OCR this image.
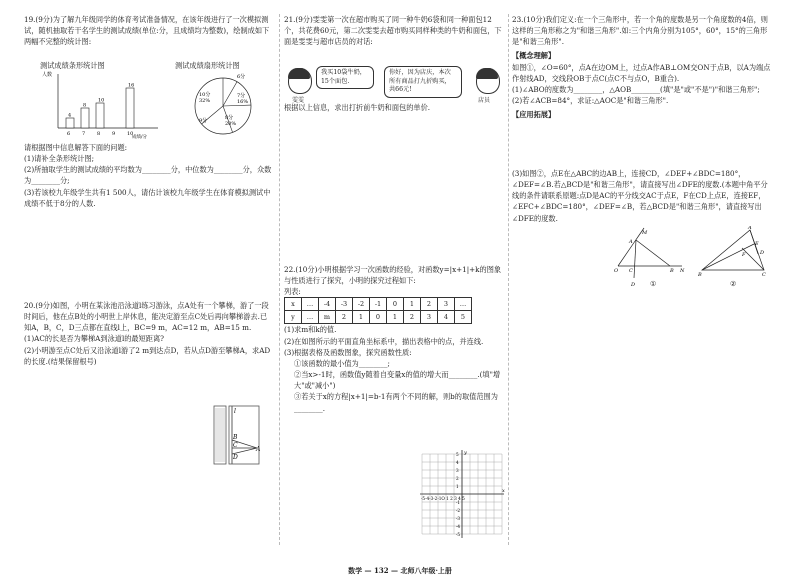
19.(9分)为了解九年级同学的体育考试准备情况，在该年级进行了一次模拟测试，随机抽取若干名学生的测试成绩(单位:分，且成绩均为整数)，绘制成如下两幅不完整的统计图:

测试成绩条形统计图
人数
成绩/分
4
6
8
7
10
8 9
16
10
测试成绩扇形统计图
6分
7分
16%
8分
20%
9分
10分
32%

请根据图中信息解答下面的问题:

(1)请补全条形统计图;

(2)所抽取学生的测试成绩的平均数为________分，中位数为________分，众数为________分;

(3)若该校九年级学生共有1 500人，请估计该校九年级学生在体育模拟测试中成绩不低于8分的人数.

20.(9分)如图，小明在某泳池沿泳道l练习游泳，点A处有一个攀梯，游了一段时间后，他在点B处的小明世上岸休息，能决定游至点C处后再向攀梯游去.已知A，B，C，D三点都在直线l上，BC=9 m，AC=12 m，AB=15 m.

(1)AC的长是否为攀梯A到泳道l的最短距离?

(2)小明游至点C处后又沿泳道l游了2 m到达点D，若从点D游至攀梯A，求AD的长度.(结果保留根号)

l
B
C
D
A

21.(9分)雯雯第一次在超市购买了同一种牛奶6袋和同一种面包12个，共花费60元，第二次雯雯去超市购买同样种类的牛奶和面包，下面是雯雯与超市店员的对话:

我买10袋牛奶，15个面包.
你好，因为店庆，本次所有商品打九折购买，共66元!
雯雯	店员

根据以上信息，求出打折前牛奶和面包的单价.

22.(10分)小明根据学习一次函数的经验，对函数y=|x+1|+k的图象与性质进行了探究，小明的探究过程如下:

列表:

x	…	-4	-3	-2	-1	0	1	2	3	…
y	…	m	2	1	0	1	2	3	4	5

(1)求m和k的值.

(2)在如图所示的平面直角坐标系中，描出表格中的点，并连线.

(3)根据表格及函数图象，探究函数性质:

①该函数的最小值为________;

②当x>-1时，函数值y随着自变量x的值的增大而________.(填"增大"或"减小")

③若关于x的方程|x+1|=b-1有两个不同的解，则b的取值范围为________.

x
y
-5-4-3-2-1O 1 2 3 4 5
5
4
3
2
1
-1
-2
-3
-4
-5

23.(10分)我们定义:在一个三角形中，若一个角的度数是另一个角度数的4倍，则这样的三角形称之为"和谐三角形".如:三个内角分别为105°，60°，15°的三角形是"和谐三角形".

【概念理解】

如图①，∠O=60°，点A在边OM上，过点A作AB⊥OM交ON于点B，以A为端点作射线AD，交线段OB于点C(点C不与点O，B重合).

(1)∠ABO的度数为________，△AOB________(填"是"或"不是")"和谐三角形";

(2)若∠ACB=84°，求证:△AOC是"和谐三角形".

【应用拓展】

(3)如图②，点E在△ABC的边AB上，连接CD，∠DEF+∠BDC=180°，∠DEF=∠B.若△BCD是"和谐三角形"，请直接写出∠DFE的度数.(本题中角平分线的条件请联系原题:点D是AC的平分线交AC于点E，F在CD上点E，连接EF，∠EFC+∠BDC=180°，∠DEF=∠B，若△BCD是"和谐三角形"，请直接写出∠DFE的度数.

M
A
O C	B N
D ①
A
E
F
B
D
C
②
数学 — 132 — 北师八年级·上册
